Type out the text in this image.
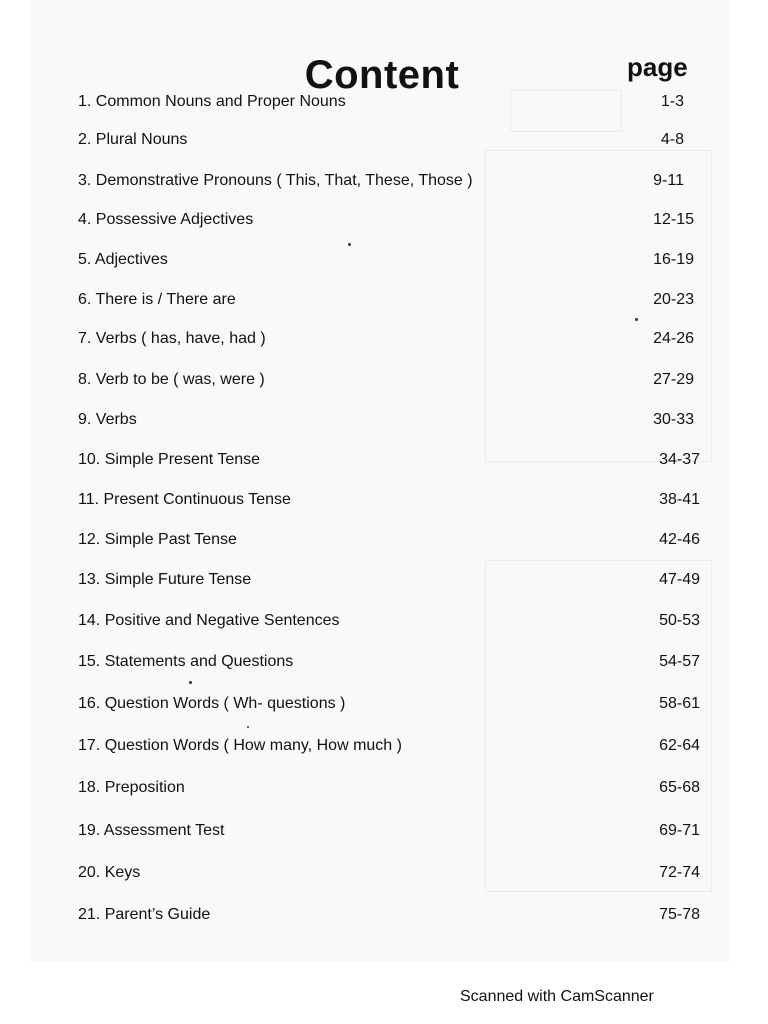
Content	page
1. Common Nouns and Proper Nouns	1-3
2. Plural Nouns	4-8
3. Demonstrative Pronouns ( This, That, These, Those )	9-11
4. Possessive Adjectives	12-15
5. Adjectives	16-19
6. There is / There are	20-23
7. Verbs ( has, have, had )	24-26
8. Verb to be ( was, were )	27-29
9. Verbs	30-33
10. Simple Present Tense	34-37
11. Present Continuous Tense	38-41
12. Simple Past Tense	42-46
13. Simple Future Tense	47-49
14. Positive and Negative Sentences	50-53
15. Statements and Questions	54-57
16. Question Words ( Wh- questions )	58-61
17. Question Words ( How many, How much )	62-64
18. Preposition	65-68
19. Assessment Test	69-71
20. Keys	72-74
21. Parent’s Guide	75-78
Scanned with CamScanner
